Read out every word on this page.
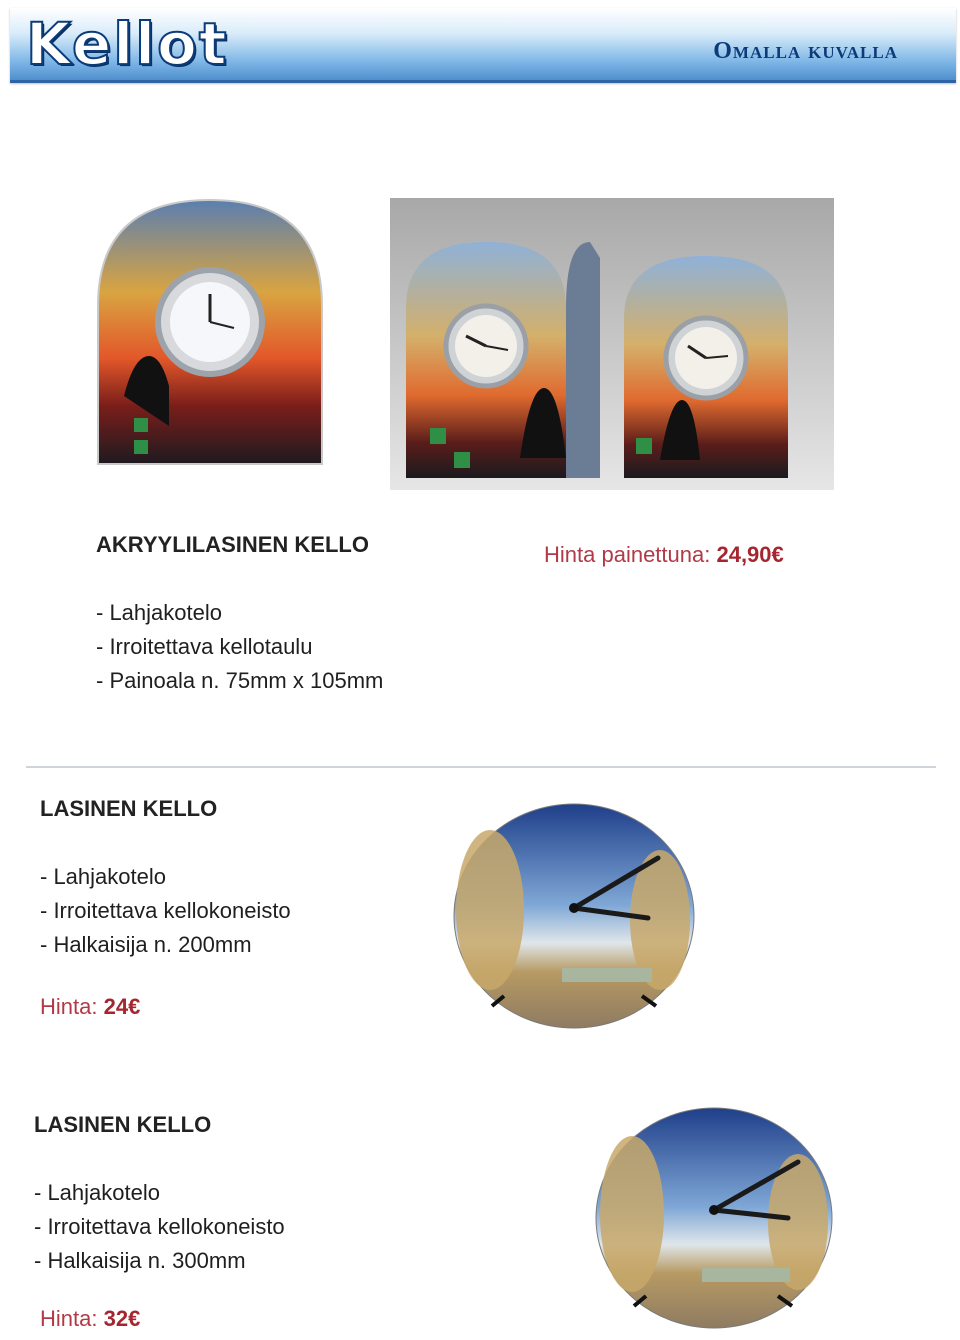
Kellot	Omalla kuvalla
AKRYYLILASINEN KELLO	Hinta painettuna: 24,90€
- Lahjakotelo
- Irroitettava kellotaulu
- Painoala n. 75mm x 105mm
LASINEN KELLO
- Lahjakotelo
- Irroitettava kellokoneisto
- Halkaisija n. 200mm
Hinta: 24€
LASINEN KELLO
- Lahjakotelo
- Irroitettava kellokoneisto
- Halkaisija n. 300mm
Hinta: 32€
